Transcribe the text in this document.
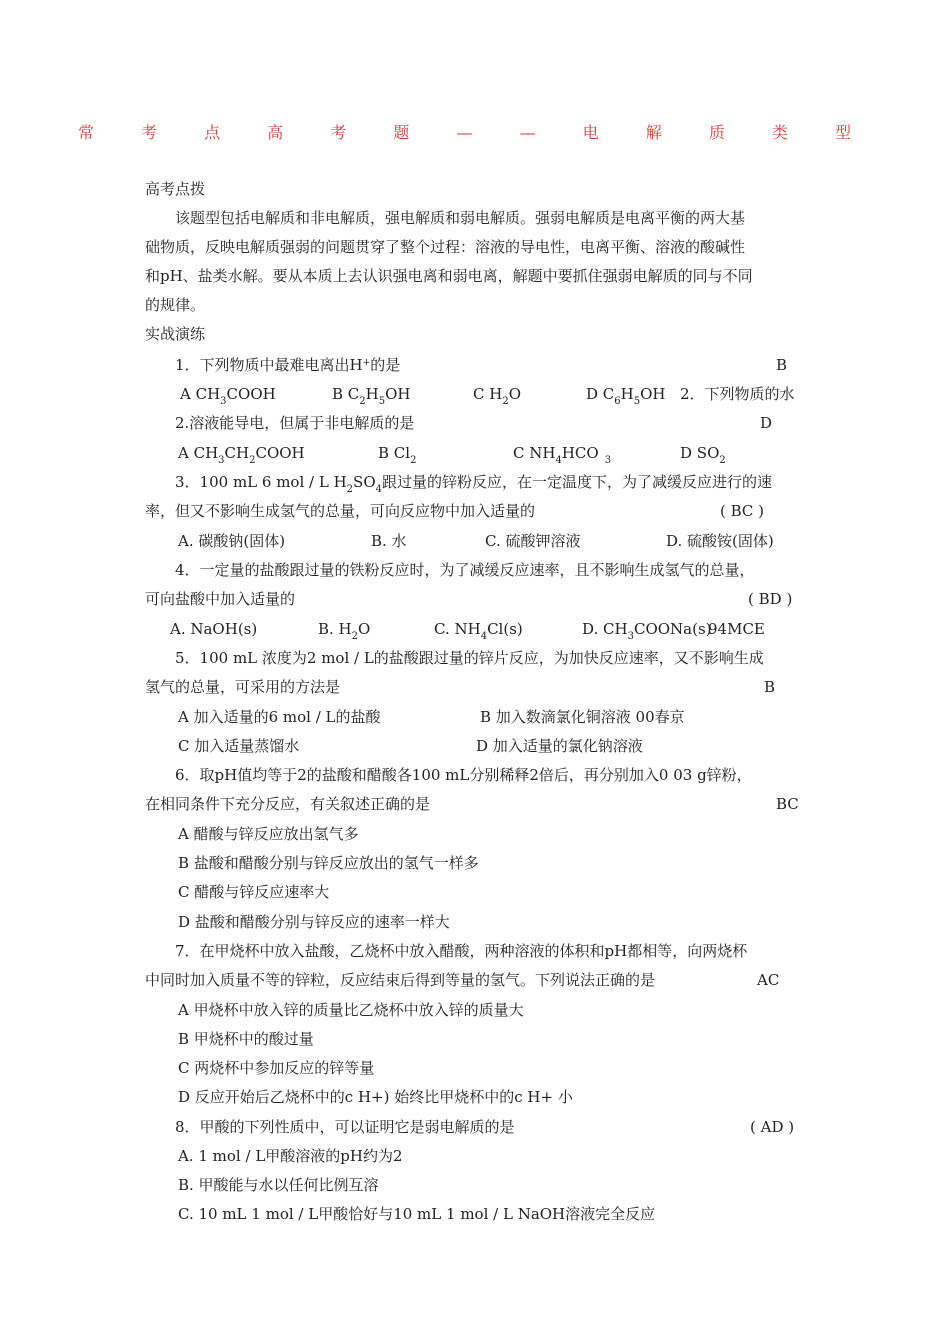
常 考 点 高 考 题 — — 电 解 质 类 型
高考点拨
该题型包括电解质和非电解质，强电解质和弱电解质。强弱电解质是电离平衡的两大基
础物质，反映电解质强弱的问题贯穿了整个过程：溶液的导电性，电离平衡、溶液的酸碱性
和pH、盐类水解。要从本质上去认识强电离和弱电离，解题中要抓住强弱电解质的同与不同
的规律。
实战演练
1．下列物质中最难电离出H+的是	B
A $CH_3COOH$	B $C_2H_5OH$	C $H_2O$	D $C_6H_5OH$ 2．下列物质的水
2.溶液能导电，但属于非电解质的是	D
A $CH_3CH_2COOH$	B $Cl_2$	C $NH_4HCO$ $_3$	D $SO_2$
3．100 mL 6 mol / L $H_2SO_4$跟过量的锌粉反应，在一定温度下，为了减缓反应进行的速
率，但又不影响生成氢气的总量，可向反应物中加入适量的	( BC )
A. 碳酸钠(固体)	B. 水	C. 硫酸钾溶液	D. 硫酸铵(固体)
4．一定量的盐酸跟过量的铁粉反应时，为了减缓反应速率，且不影响生成氢气的总量，
可向盐酸中加入适量的	( BD )
A. NaOH(s)	B. $H_2O$	C. $NH_4Cl(s)$	D. $CH_3COONa(s)$
94MCE
5．100 mL 浓度为2 mol / L的盐酸跟过量的锌片反应，为加快反应速率，又不影响生成
氢气的总量，可采用的方法是	B
A 加入适量的6 mol / L的盐酸	B 加入数滴氯化铜溶液 00春京
C 加入适量蒸馏水	D 加入适量的氯化钠溶液
6．取pH值均等于2的盐酸和醋酸各100 mL分别稀释2倍后，再分别加入0 03 g锌粉，
在相同条件下充分反应，有关叙述正确的是	BC
A 醋酸与锌反应放出氢气多
B 盐酸和醋酸分别与锌反应放出的氢气一样多
C 醋酸与锌反应速率大
D 盐酸和醋酸分别与锌反应的速率一样大
7．在甲烧杯中放入盐酸，乙烧杯中放入醋酸，两种溶液的体积和pH都相等，向两烧杯
中同时加入质量不等的锌粒，反应结束后得到等量的氢气。下列说法正确的是	AC
A 甲烧杯中放入锌的质量比乙烧杯中放入锌的质量大
B 甲烧杯中的酸过量
C 两烧杯中参加反应的锌等量
D 反应开始后乙烧杯中的c H+) 始终比甲烧杯中的c H+ 小
8．甲酸的下列性质中，可以证明它是弱电解质的是	( AD )
A. 1 mol / L甲酸溶液的pH约为2
B. 甲酸能与水以任何比例互溶
C. 10 mL 1 mol / L甲酸恰好与10 mL 1 mol / L NaOH溶液完全反应
